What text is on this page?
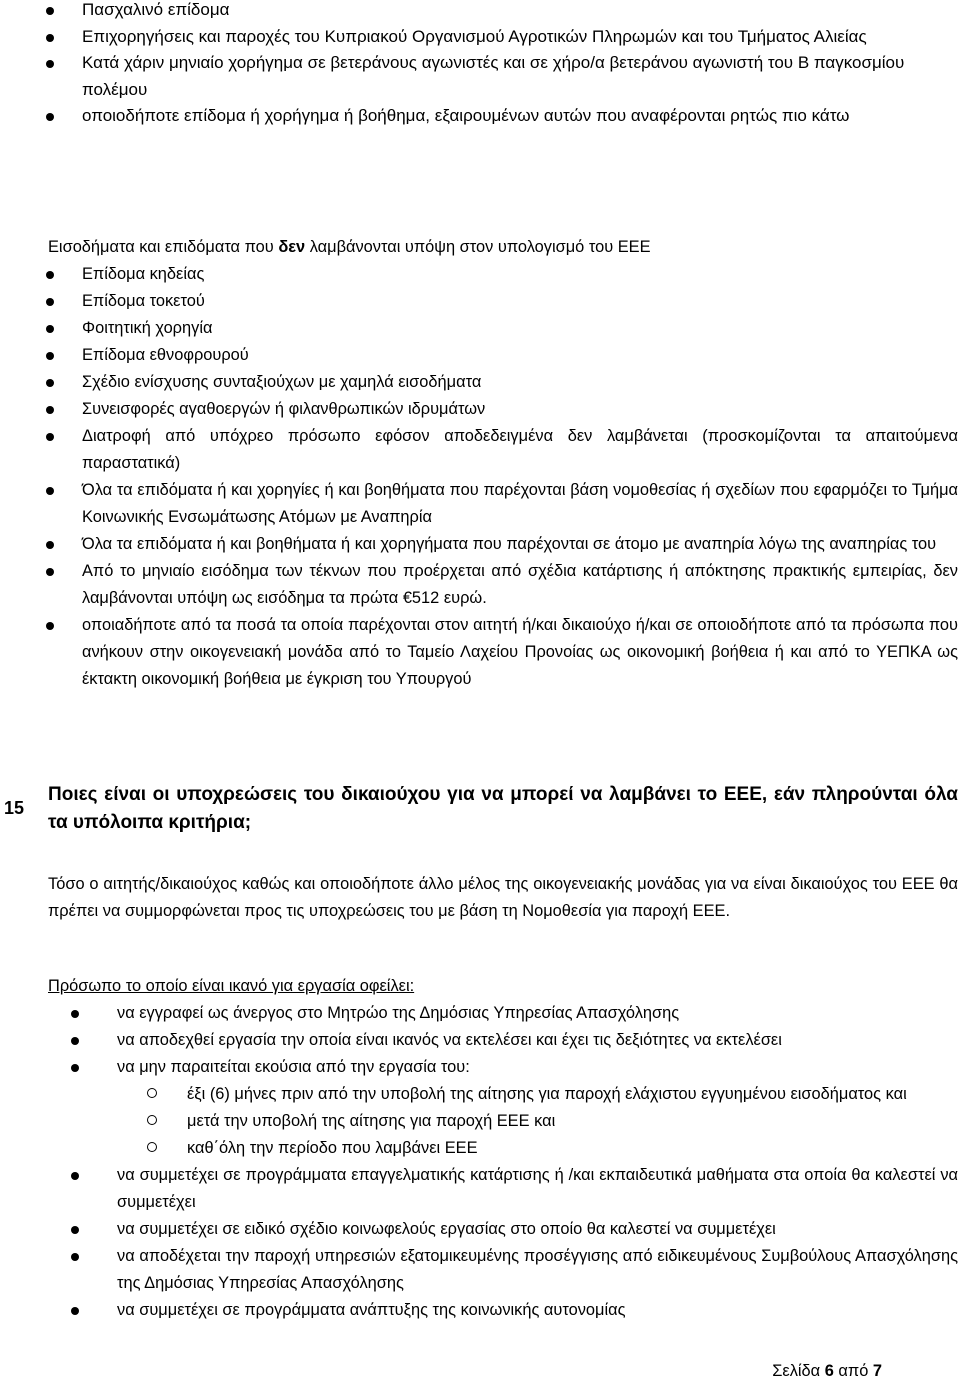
Πασχαλινό επίδομα
Επιχορηγήσεις και παροχές του Κυπριακού Οργανισμού Αγροτικών Πληρωμών και του Τμήματος Αλιείας
Κατά χάριν μηνιαίο χορήγημα σε βετεράνους αγωνιστές και σε χήρο/α βετεράνου αγωνιστή του Β παγκοσμίου πολέμου
οποιοδήποτε επίδομα ή χορήγημα ή βοήθημα, εξαιρουμένων αυτών που αναφέρονται ρητώς πιο κάτω

Εισοδήματα και επιδόματα που δεν λαμβάνονται υπόψη στον υπολογισμό του ΕΕΕ

Επίδομα κηδείας
Επίδομα τοκετού
Φοιτητική χορηγία
Επίδομα εθνοφρουρού
Σχέδιο ενίσχυσης συνταξιούχων με χαμηλά εισοδήματα
Συνεισφορές αγαθοεργών ή φιλανθρωπικών ιδρυμάτων
Διατροφή από υπόχρεο πρόσωπο εφόσον αποδεδειγμένα δεν λαμβάνεται (προσκομίζονται τα απαιτούμενα παραστατικά)
Όλα τα επιδόματα ή και χορηγίες ή και βοηθήματα που παρέχονται βάση νομοθεσίας ή σχεδίων που εφαρμόζει το Τμήμα Κοινωνικής Ενσωμάτωσης Ατόμων με Αναπηρία
Όλα τα επιδόματα ή και βοηθήματα ή και χορηγήματα που παρέχονται σε άτομο με αναπηρία λόγω της αναπηρίας του
Από το μηνιαίο εισόδημα των τέκνων που προέρχεται από σχέδια κατάρτισης ή απόκτησης πρακτικής εμπειρίας, δεν λαμβάνονται υπόψη ως εισόδημα τα πρώτα €512 ευρώ.
οποιαδήποτε από τα ποσά τα οποία παρέχονται στον αιτητή ή/και δικαιούχο ή/και σε οποιοδήποτε από τα πρόσωπα που ανήκουν στην οικογενειακή μονάδα από το Ταμείο Λαχείου Προνοίας ως οικονομική βοήθεια ή και από το ΥΕΠΚΑ ως έκτακτη οικονομική βοήθεια με έγκριση του Υπουργού
15
Ποιες είναι οι υποχρεώσεις του δικαιούχου για να μπορεί να λαμβάνει το ΕΕΕ, εάν πληρούνται όλα τα υπόλοιπα κριτήρια;
Τόσο ο αιτητής/δικαιούχος καθώς και οποιοδήποτε άλλο μέλος της οικογενειακής μονάδας για να είναι δικαιούχος του ΕΕΕ θα πρέπει να συμμορφώνεται προς τις υποχρεώσεις του με βάση τη Νομοθεσία για παροχή ΕΕΕ.
Πρόσωπο το οποίο είναι ικανό για εργασία οφείλει:
να εγγραφεί ως άνεργος στο Μητρώο της Δημόσιας Υπηρεσίας Απασχόλησης
να αποδεχθεί εργασία την οποία είναι ικανός να εκτελέσει και έχει τις δεξιότητες να εκτελέσει
να μην παραιτείται εκούσια από την εργασία του:
έξι (6) μήνες πριν από την υποβολή της αίτησης για παροχή ελάχιστου εγγυημένου εισοδήματος και
μετά την υποβολή της αίτησης για παροχή ΕΕΕ και
καθ΄όλη την περίοδο που λαμβάνει ΕΕΕ
να συμμετέχει σε προγράμματα επαγγελματικής κατάρτισης ή /και εκπαιδευτικά μαθήματα στα οποία θα καλεστεί να συμμετέχει
να συμμετέχει σε ειδικό σχέδιο κοινωφελούς εργασίας στο οποίο θα καλεστεί να συμμετέχει
να αποδέχεται την παροχή υπηρεσιών εξατομικευμένης προσέγγισης από ειδικευμένους Συμβούλους Απασχόλησης της Δημόσιας Υπηρεσίας Απασχόλησης
να συμμετέχει σε προγράμματα ανάπτυξης της κοινωνικής αυτονομίας
Σελίδα 6 από 7
